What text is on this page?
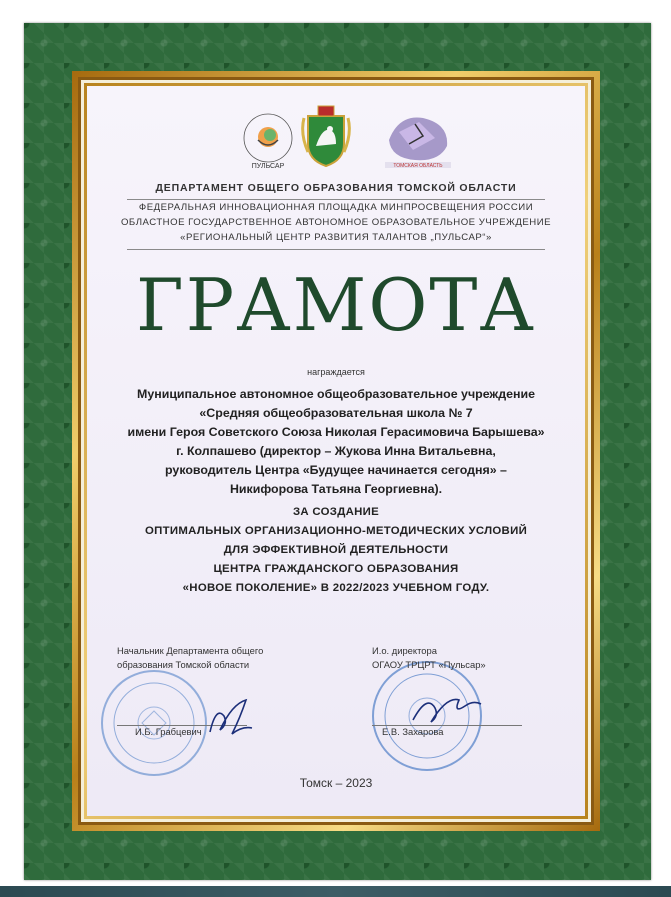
ПУЛЬСАР	ТОМСКАЯ ОБЛАСТЬ
ДЕПАРТАМЕНТ ОБЩЕГО ОБРАЗОВАНИЯ ТОМСКОЙ ОБЛАСТИ
ФЕДЕРАЛЬНАЯ ИННОВАЦИОННАЯ ПЛОЩАДКА МИНПРОСВЕЩЕНИЯ РОССИИ
ОБЛАСТНОЕ ГОСУДАРСТВЕННОЕ АВТОНОМНОЕ ОБРАЗОВАТЕЛЬНОЕ УЧРЕЖДЕНИЕ
«РЕГИОНАЛЬНЫЙ ЦЕНТР РАЗВИТИЯ ТАЛАНТОВ „ПУЛЬСАР“»
ГРАМОТА
награждается
Муниципальное автономное общеобразовательное учреждение
«Средняя общеобразовательная школа № 7
имени Героя Советского Союза Николая Герасимовича Барышева»
г. Колпашево (директор – Жукова Инна Витальевна,
руководитель Центра «Будущее начинается сегодня» –
Никифорова Татьяна Георгиевна).
ЗА СОЗДАНИЕ
ОПТИМАЛЬНЫХ ОРГАНИЗАЦИОННО-МЕТОДИЧЕСКИХ УСЛОВИЙ
ДЛЯ ЭФФЕКТИВНОЙ ДЕЯТЕЛЬНОСТИ
ЦЕНТРА ГРАЖДАНСКОГО ОБРАЗОВАНИЯ
«НОВОЕ ПОКОЛЕНИЕ» В 2022/2023 УЧЕБНОМ ГОДУ.
Начальник Департамента общего
образования Томской области
И.о. директора
ОГАОУ ТРЦРТ «Пульсар»
И.Б. Грабцевич	Е.В. Захарова
Томск – 2023
